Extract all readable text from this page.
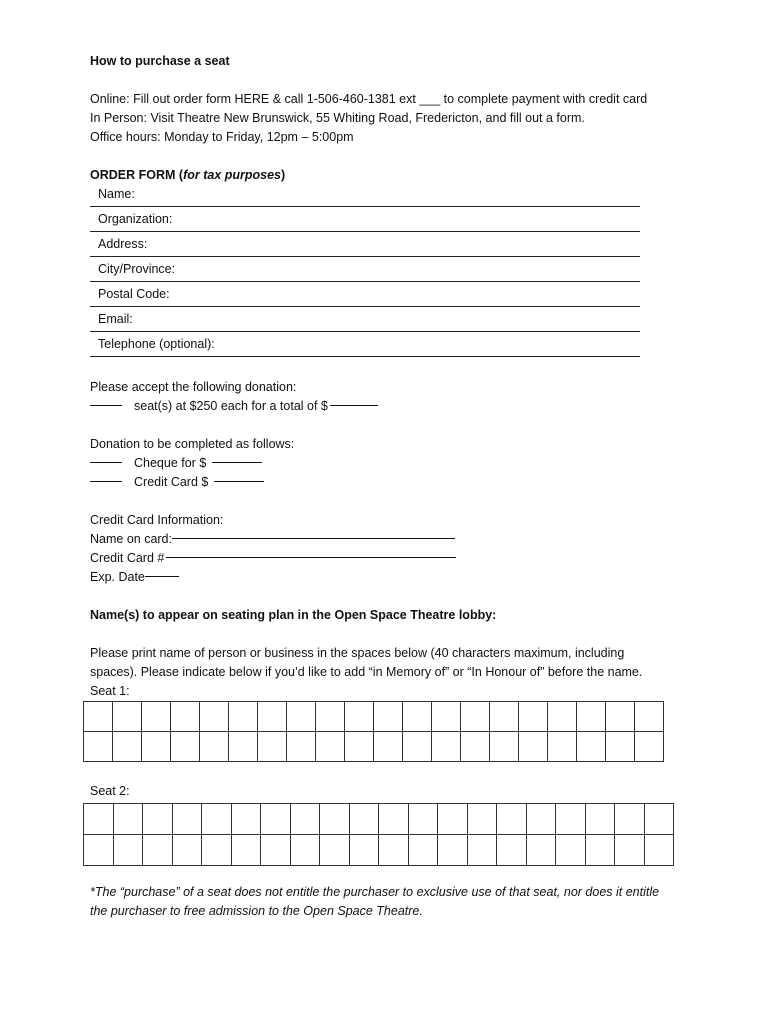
How to purchase a seat

Online: Fill out order form HERE & call 1-506-460-1381 ext ___ to complete payment with credit card

In Person: Visit Theatre New Brunswick, 55 Whiting Road, Fredericton, and fill out a form.

Office hours: Monday to Friday, 12pm – 5:00pm

ORDER FORM (for tax purposes)

Name:
Organization:
Address:
City/Province:
Postal Code:
Email:
Telephone (optional):

Please accept the following donation:

seat(s) at $250 each for a total of $

Donation to be completed as follows:

Cheque for $

Credit Card $

Credit Card Information:

Name on card:

Credit Card #

Exp. Date

Name(s) to appear on seating plan in the Open Space Theatre lobby:

Please print name of person or business in the spaces below (40 characters maximum, including spaces). Please indicate below if you’d like to add “in Memory of” or “In Honour of” before the name.

Seat 1:

Seat 2:

*The “purchase” of a seat does not entitle the purchaser to exclusive use of that seat, nor does it entitle the purchaser to free admission to the Open Space Theatre.
